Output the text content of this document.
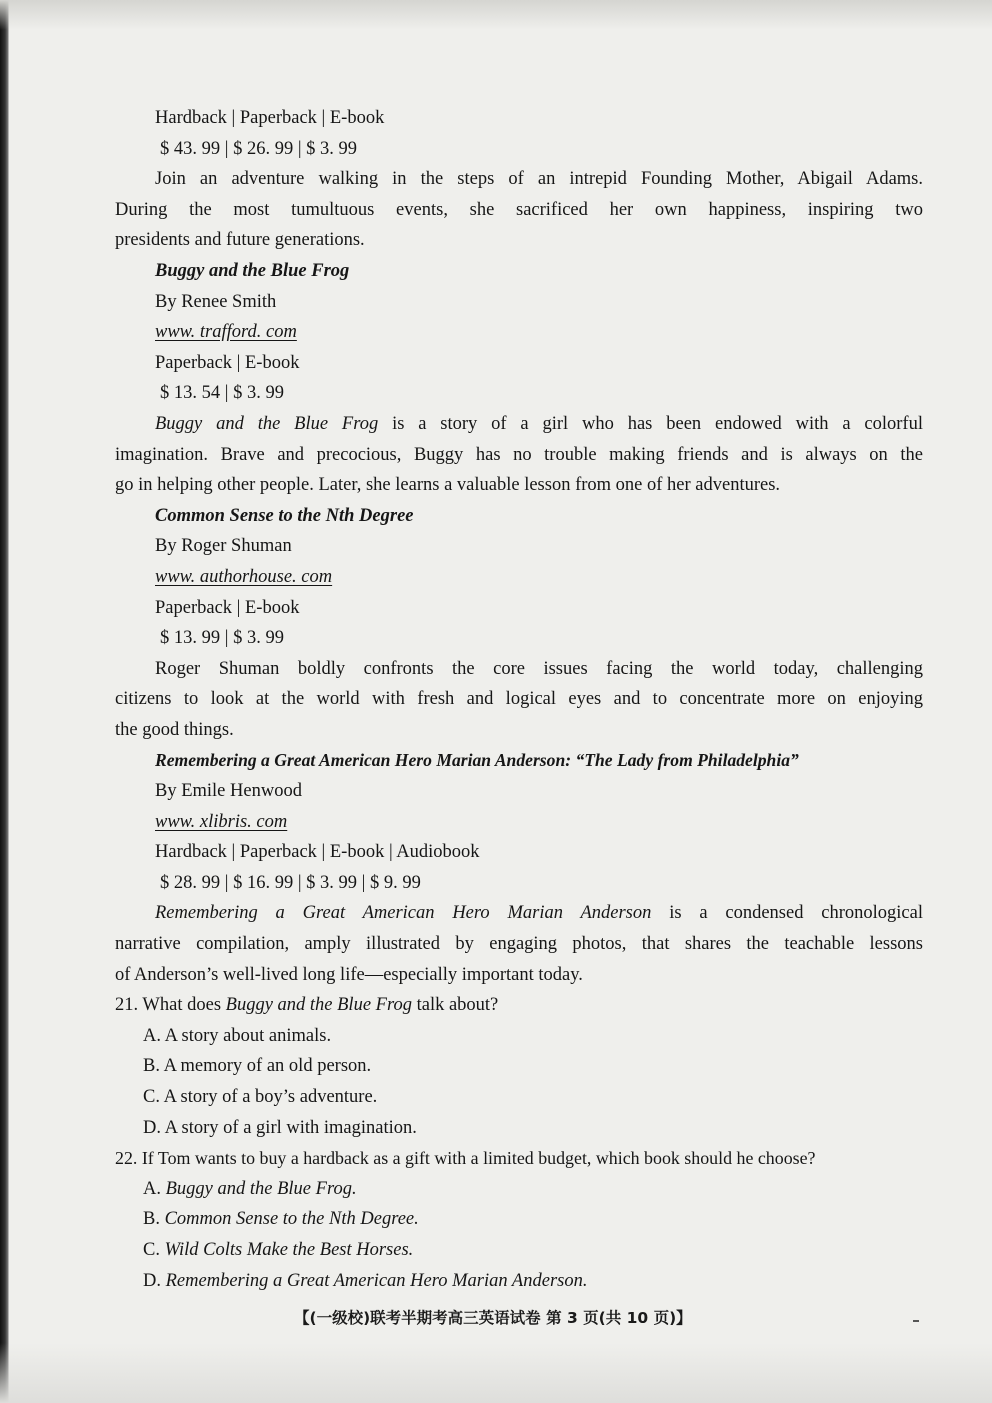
Hardback | Paperback | E-book
$ 43. 99 | $ 26. 99 | $ 3. 99
Join an adventure walking in the steps of an intrepid Founding Mother, Abigail Adams.
During the most tumultuous events, she sacrificed her own happiness, inspiring two
presidents and future generations.
Buggy and the Blue Frog
By Renee Smith
www. trafford. com
Paperback | E-book
$ 13. 54 | $ 3. 99
Buggy and the Blue Frog is a story of a girl who has been endowed with a colorful
imagination. Brave and precocious, Buggy has no trouble making friends and is always on the
go in helping other people. Later, she learns a valuable lesson from one of her adventures.
Common Sense to the Nth Degree
By Roger Shuman
www. authorhouse. com
Paperback | E-book
$ 13. 99 | $ 3. 99
Roger Shuman boldly confronts the core issues facing the world today, challenging
citizens to look at the world with fresh and logical eyes and to concentrate more on enjoying
the good things.
Remembering a Great American Hero Marian Anderson: “The Lady from Philadelphia”
By Emile Henwood
www. xlibris. com
Hardback | Paperback | E-book | Audiobook
$ 28. 99 | $ 16. 99 | $ 3. 99 | $ 9. 99
Remembering a Great American Hero Marian Anderson is a condensed chronological
narrative compilation, amply illustrated by engaging photos, that shares the teachable lessons
of Anderson’s well-lived long life—especially important today.
21. What does Buggy and the Blue Frog talk about?
A. A story about animals.
B. A memory of an old person.
C. A story of a boy’s adventure.
D. A story of a girl with imagination.
22. If Tom wants to buy a hardback as a gift with a limited budget, which book should he choose?
A. Buggy and the Blue Frog.
B. Common Sense to the Nth Degree.
C. Wild Colts Make the Best Horses.
D. Remembering a Great American Hero Marian Anderson.
【(一级校)联考半期考高三英语试卷 第 3 页(共 10 页)】
